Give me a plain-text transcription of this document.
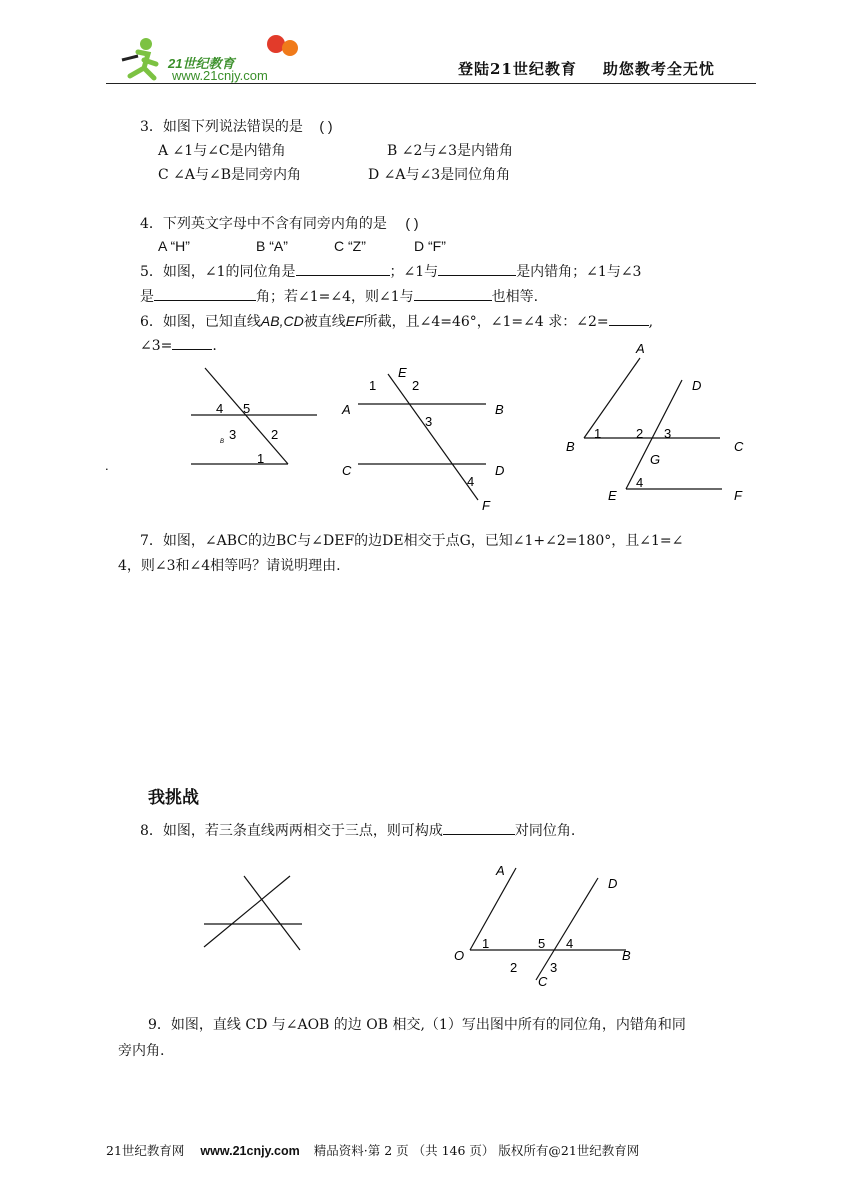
21世纪教育
www.21cnjy.com	登陆21世纪教育 助您教考全无忧
3．如图下列说法错误的是 ( )
A ∠1与∠C是内错角	B ∠2与∠3是内错角
C ∠A与∠B是同旁内角	D ∠A与∠3是同位角角
4．下列英文字母中不含有同旁内角的是 ( )
A “H”	B “A”	C “Z”	D “F”
5．如图，∠1的同位角是	；∠1与	是内错角；∠1与∠3
是	角；若∠1=∠4，则∠1与	也相等.
6．如图，已知直线AB,CD被直线EF所截，且∠4=46°，∠1=∠4 求：∠2=	,
∠3=	.
4 5
3	2
1
B
.
E
1	2
A	B
3
C	D
4
F
A
D
B
1	2 3
C
G
E
4
F
7．如图，∠ABC的边BC与∠DEF的边DE相交于点G，已知∠1+∠2=180°，且∠1=∠
4，则∠3和∠4相等吗？请说明理由.
我挑战
8．如图，若三条直线两两相交于三点，则可构成	对同位角.
A
D
O
1	5 4
B
2	3
C
9．如图，直线 CD 与∠AOB 的边 OB 相交,（1）写出图中所有的同位角，内错角和同
旁内角.
21世纪教育网 www.21cnjy.com 精品资料·第 2 页 （共 146 页） 版权所有@21世纪教育网
